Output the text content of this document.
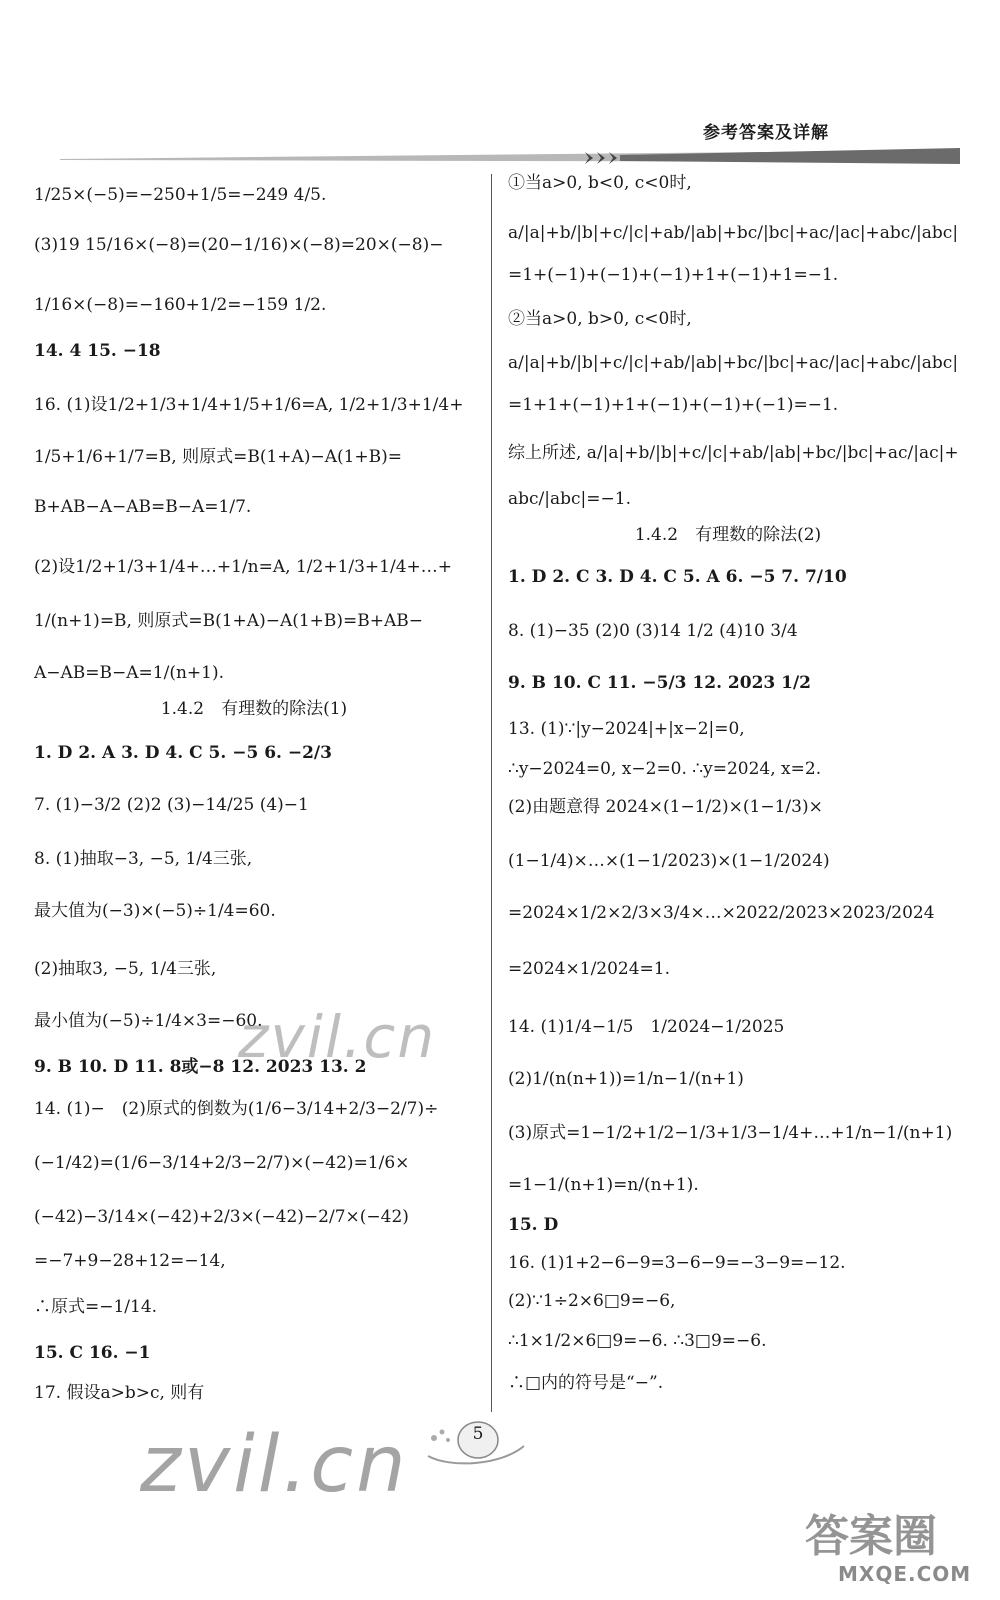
参考答案及详解
1/25×(−5)=−250+1/5=−249 4/5.
(3)19 15/16×(−8)=(20−1/16)×(−8)=20×(−8)−
1/16×(−8)=−160+1/2=−159 1/2.
14. 4 15. −18
16. (1)设1/2+1/3+1/4+1/5+1/6=A, 1/2+1/3+1/4+
1/5+1/6+1/7=B, 则原式=B(1+A)−A(1+B)=
B+AB−A−AB=B−A=1/7.
(2)设1/2+1/3+1/4+…+1/n=A, 1/2+1/3+1/4+…+
1/(n+1)=B, 则原式=B(1+A)−A(1+B)=B+AB−
A−AB=B−A=1/(n+1).
1.4.2　有理数的除法(1)
1. D 2. A 3. D 4. C 5. −5 6. −2/3
7. (1)−3/2 (2)2 (3)−14/25 (4)−1
8. (1)抽取−3, −5, 1/4三张,
最大值为(−3)×(−5)÷1/4=60.
(2)抽取3, −5, 1/4三张,
最小值为(−5)÷1/4×3=−60.
9. B 10. D 11. 8或−8 12. 2023 13. 2
14. (1)−　(2)原式的倒数为(1/6−3/14+2/3−2/7)÷
(−1/42)=(1/6−3/14+2/3−2/7)×(−42)=1/6×
(−42)−3/14×(−42)+2/3×(−42)−2/7×(−42)
=−7+9−28+12=−14,
∴原式=−1/14.
15. C 16. −1
17. 假设a>b>c, 则有
①当a>0, b<0, c<0时,
a/|a|+b/|b|+c/|c|+ab/|ab|+bc/|bc|+ac/|ac|+abc/|abc|
=1+(−1)+(−1)+(−1)+1+(−1)+1=−1.
②当a>0, b>0, c<0时,
a/|a|+b/|b|+c/|c|+ab/|ab|+bc/|bc|+ac/|ac|+abc/|abc|
=1+1+(−1)+1+(−1)+(−1)+(−1)=−1.
综上所述, a/|a|+b/|b|+c/|c|+ab/|ab|+bc/|bc|+ac/|ac|+
abc/|abc|=−1.
1.4.2　有理数的除法(2)
1. D 2. C 3. D 4. C 5. A 6. −5 7. 7/10
8. (1)−35 (2)0 (3)14 1/2 (4)10 3/4
9. B 10. C 11. −5/3 12. 2023 1/2
13. (1)∵|y−2024|+|x−2|=0,
∴y−2024=0, x−2=0. ∴y=2024, x=2.
(2)由题意得 2024×(1−1/2)×(1−1/3)×
(1−1/4)×…×(1−1/2023)×(1−1/2024)
=2024×1/2×2/3×3/4×…×2022/2023×2023/2024
=2024×1/2024=1.
14. (1)1/4−1/5　1/2024−1/2025
(2)1/(n(n+1))=1/n−1/(n+1)
(3)原式=1−1/2+1/2−1/3+1/3−1/4+…+1/n−1/(n+1)
=1−1/(n+1)=n/(n+1).
15. D
16. (1)1+2−6−9=3−6−9=−3−9=−12.
(2)∵1÷2×6□9=−6,
∴1×1/2×6□9=−6. ∴3□9=−6.
∴□内的符号是“−”.
5
zvil.cn
zvil.cn
答案圈
MXQE.COM
